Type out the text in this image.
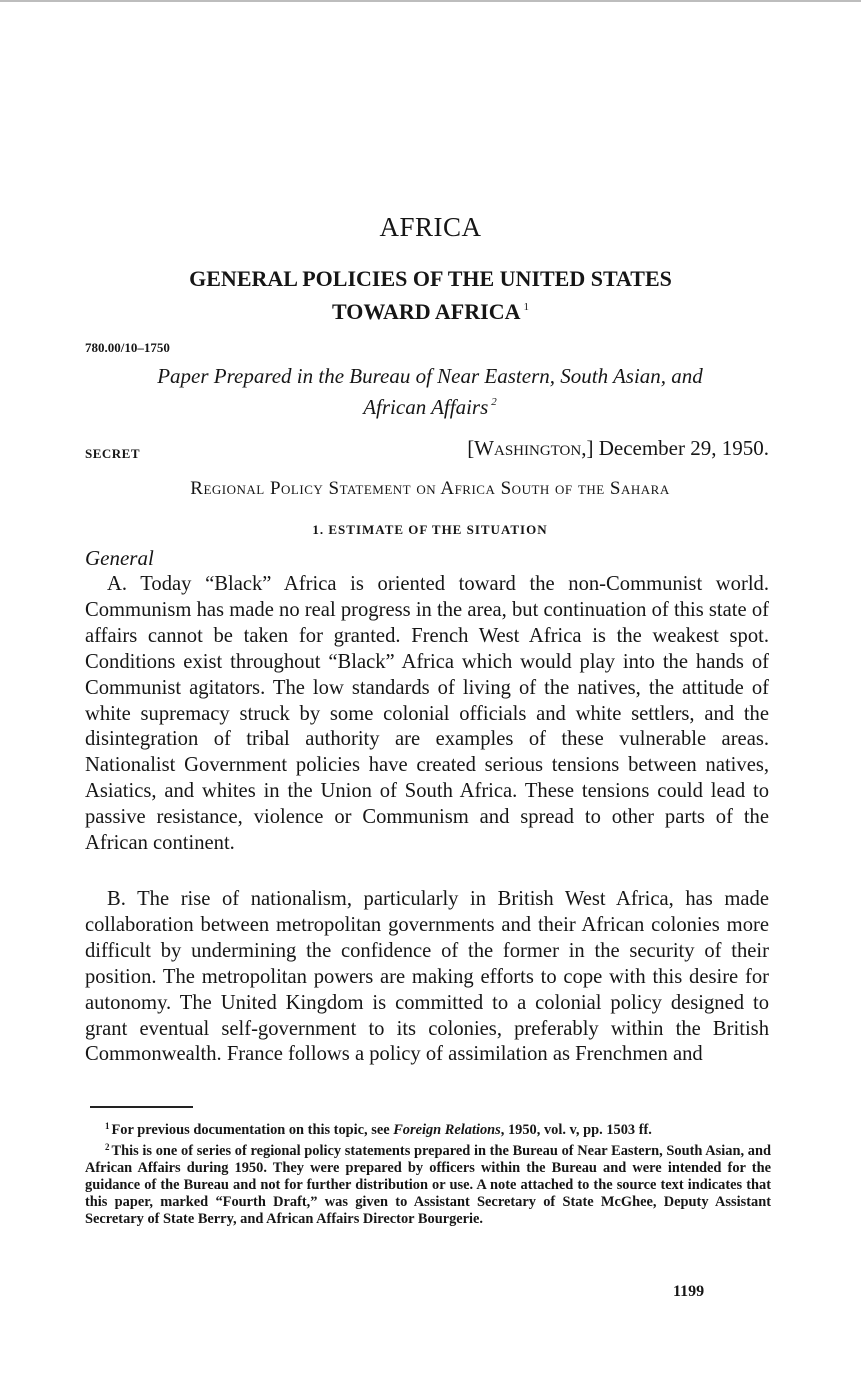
AFRICA
GENERAL POLICIES OF THE UNITED STATES
TOWARD AFRICA $^1$
780.00/10–1750
Paper Prepared in the Bureau of Near Eastern, South Asian, and
African Affairs $^2$
SECRET	[Washington,] December 29, 1950.
Regional Policy Statement on Africa South of the Sahara
1. ESTIMATE OF THE SITUATION
General

A. Today “Black” Africa is oriented toward the non-Communist world. Communism has made no real progress in the area, but continuation of this state of affairs cannot be taken for granted. French West Africa is the weakest spot. Conditions exist throughout “Black” Africa which would play into the hands of Communist agitators. The low standards of living of the natives, the attitude of white supremacy struck by some colonial officials and white settlers, and the disintegration of tribal authority are examples of these vulnerable areas. Nationalist Government policies have created serious tensions between natives, Asiatics, and whites in the Union of South Africa. These tensions could lead to passive resistance, violence or Communism and spread to other parts of the African continent.

B. The rise of nationalism, particularly in British West Africa, has made collaboration between metropolitan governments and their African colonies more difficult by undermining the confidence of the former in the security of their position. The metropolitan powers are making efforts to cope with this desire for autonomy. The United Kingdom is committed to a colonial policy designed to grant eventual self-government to its colonies, preferably within the British Commonwealth. France follows a policy of assimilation as Frenchmen and

$^1$ For previous documentation on this topic, see Foreign Relations, 1950, vol. v, pp. 1503 ff.

$^2$ This is one of series of regional policy statements prepared in the Bureau of Near Eastern, South Asian, and African Affairs during 1950. They were prepared by officers within the Bureau and were intended for the guidance of the Bureau and not for further distribution or use. A note attached to the source text indicates that this paper, marked “Fourth Draft,” was given to Assistant Secretary of State McGhee, Deputy Assistant Secretary of State Berry, and African Affairs Director Bourgerie.

1199
